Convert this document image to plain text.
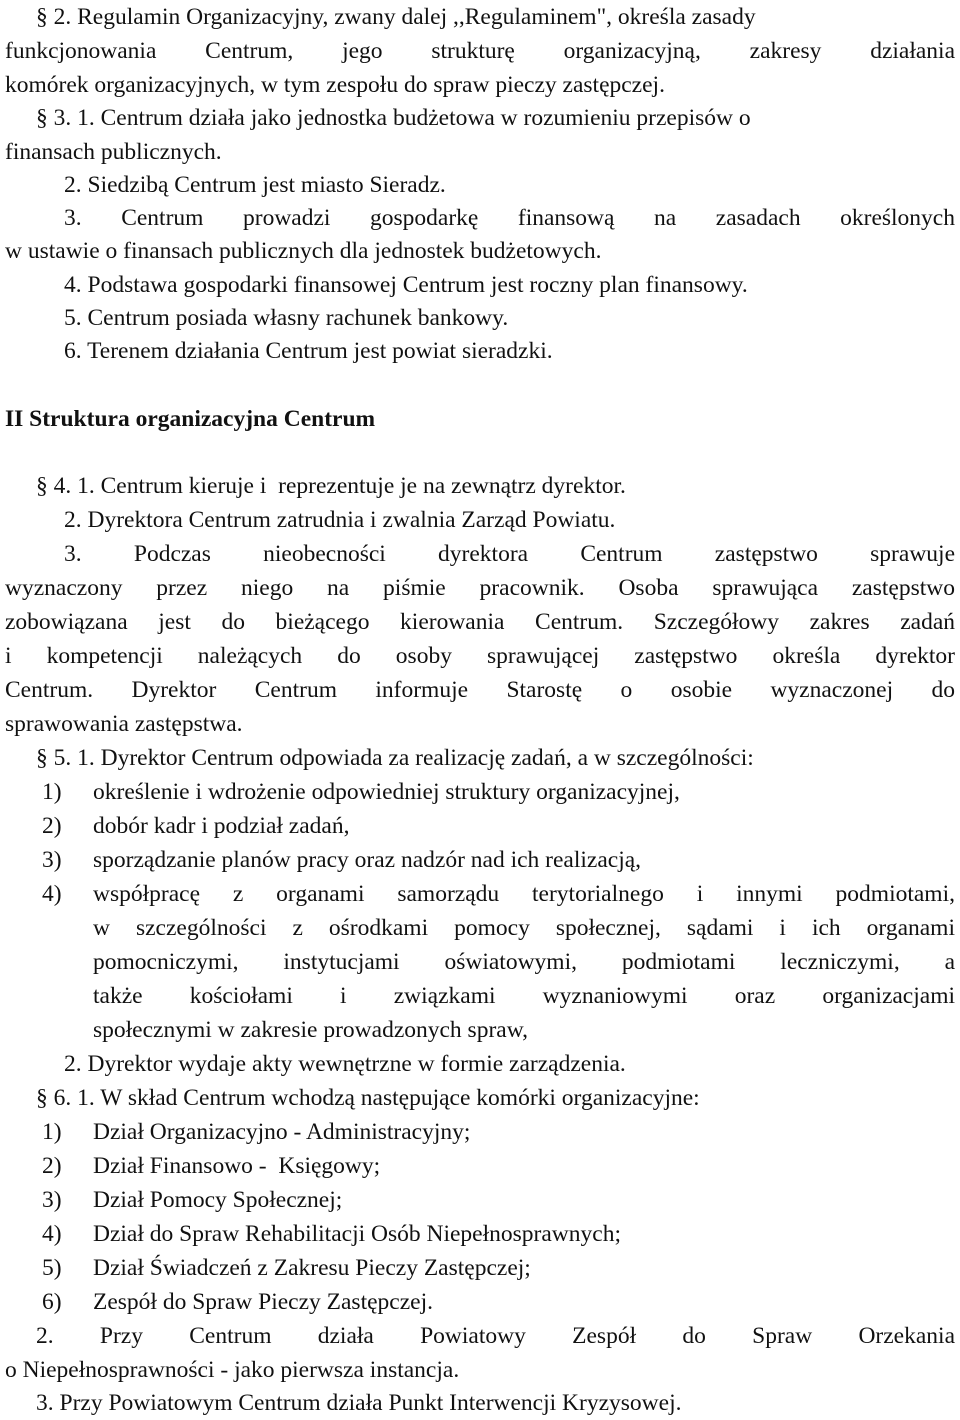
§ 2. Regulamin Organizacyjny, zwany dalej ,,Regulaminem", określa zasady
funkcjonowania Centrum, jego strukturę organizacyjną, zakresy działania
komórek organizacyjnych, w tym zespołu do spraw pieczy zastępczej.
§ 3. 1. Centrum działa jako jednostka budżetowa w rozumieniu przepisów o
finansach publicznych.
2. Siedzibą Centrum jest miasto Sieradz.
3. Centrum prowadzi gospodarkę finansową na zasadach określonych
w ustawie o finansach publicznych dla jednostek budżetowych.
4. Podstawa gospodarki finansowej Centrum jest roczny plan finansowy.
5. Centrum posiada własny rachunek bankowy.
6. Terenem działania Centrum jest powiat sieradzki.
II Struktura organizacyjna Centrum
§ 4. 1. Centrum kieruje i  reprezentuje je na zewnątrz dyrektor.
2. Dyrektora Centrum zatrudnia i zwalnia Zarząd Powiatu.
3. Podczas nieobecności dyrektora Centrum zastępstwo sprawuje
wyznaczony przez niego na piśmie pracownik. Osoba sprawująca zastępstwo
zobowiązana jest do bieżącego kierowania Centrum. Szczegółowy zakres zadań
i kompetencji należących do osoby sprawującej zastępstwo określa dyrektor
Centrum. Dyrektor Centrum informuje Starostę o osobie wyznaczonej do
sprawowania zastępstwa.
§ 5. 1. Dyrektor Centrum odpowiada za realizację zadań, a w szczególności:
1) określenie i wdrożenie odpowiedniej struktury organizacyjnej,
2) dobór kadr i podział zadań,
3) sporządzanie planów pracy oraz nadzór nad ich realizacją,
4) współpracę z organami samorządu terytorialnego i innymi podmiotami,
w szczególności z ośrodkami pomocy społecznej, sądami i ich organami
pomocniczymi, instytucjami oświatowymi, podmiotami leczniczymi, a
także kościołami i związkami wyznaniowymi oraz organizacjami
społecznymi w zakresie prowadzonych spraw,
2. Dyrektor wydaje akty wewnętrzne w formie zarządzenia.
§ 6. 1. W skład Centrum wchodzą następujące komórki organizacyjne:
1) Dział Organizacyjno - Administracyjny;
2) Dział Finansowo -  Księgowy;
3) Dział Pomocy Społecznej;
4) Dział do Spraw Rehabilitacji Osób Niepełnosprawnych;
5) Dział Świadczeń z Zakresu Pieczy Zastępczej;
6) Zespół do Spraw Pieczy Zastępczej.
2. Przy Centrum działa Powiatowy Zespół do Spraw Orzekania
o Niepełnosprawności - jako pierwsza instancja.
3. Przy Powiatowym Centrum działa Punkt Interwencji Kryzysowej.
